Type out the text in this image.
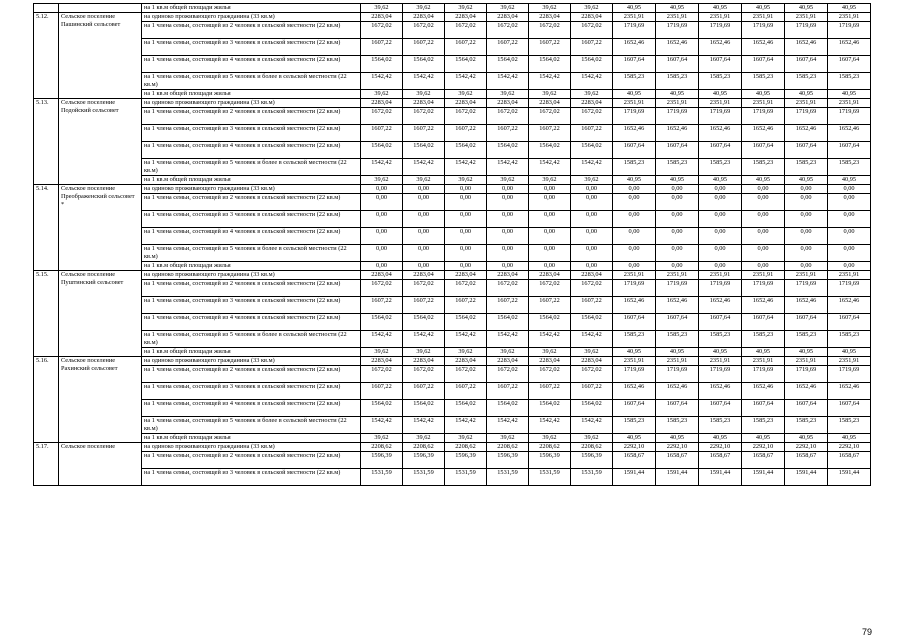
		на 1 кв.м общей площади жилья	39,62	39,62	39,62	39,62	39,62	39,62	40,95	40,95	40,95	40,95	40,95	40,95
5.12.	Сельское поселение Пашинский сельсовет	на одиноко проживающего гражданина (33 кв.м)	2283,04	2283,04	2283,04	2283,04	2283,04	2283,04	2351,91	2351,91	2351,91	2351,91	2351,91	2351,91
		на 1 члена семьи, состоящей из 2 человек в сельской местности (22 кв.м)	1672,02	1672,02	1672,02	1672,02	1672,02	1672,02	1719,69	1719,69	1719,69	1719,69	1719,69	1719,69
		на 1 члена семьи, состоящей из 3 человек в сельской местности (22 кв.м)	1607,22	1607,22	1607,22	1607,22	1607,22	1607,22	1652,46	1652,46	1652,46	1652,46	1652,46	1652,46
		на 1 члена семьи, состоящей из 4 человек в сельской местности (22 кв.м)	1564,02	1564,02	1564,02	1564,02	1564,02	1564,02	1607,64	1607,64	1607,64	1607,64	1607,64	1607,64
		на 1 члена семьи, состоящей из 5 человек и более в сельской местности (22 кв.м)	1542,42	1542,42	1542,42	1542,42	1542,42	1542,42	1585,23	1585,23	1585,23	1585,23	1585,23	1585,23
		на 1 кв.м общей площади жилья	39,62	39,62	39,62	39,62	39,62	39,62	40,95	40,95	40,95	40,95	40,95	40,95
5.13.	Сельское поселение Подойский сельсовет	на одиноко проживающего гражданина (33 кв.м)	2283,04	2283,04	2283,04	2283,04	2283,04	2283,04	2351,91	2351,91	2351,91	2351,91	2351,91	2351,91
		на 1 члена семьи, состоящей из 2 человек в сельской местности (22 кв.м)	1672,02	1672,02	1672,02	1672,02	1672,02	1672,02	1719,69	1719,69	1719,69	1719,69	1719,69	1719,69
		на 1 члена семьи, состоящей из 3 человек в сельской местности (22 кв.м)	1607,22	1607,22	1607,22	1607,22	1607,22	1607,22	1652,46	1652,46	1652,46	1652,46	1652,46	1652,46
		на 1 члена семьи, состоящей из 4 человек в сельской местности (22 кв.м)	1564,02	1564,02	1564,02	1564,02	1564,02	1564,02	1607,64	1607,64	1607,64	1607,64	1607,64	1607,64
		на 1 члена семьи, состоящей из 5 человек и более в сельской местности (22 кв.м)	1542,42	1542,42	1542,42	1542,42	1542,42	1542,42	1585,23	1585,23	1585,23	1585,23	1585,23	1585,23
		на 1 кв.м общей площади жилья	39,62	39,62	39,62	39,62	39,62	39,62	40,95	40,95	40,95	40,95	40,95	40,95
5.14.	Сельское поселение Преображенский сельсовет *	на одиноко проживающего гражданина (33 кв.м)	0,00	0,00	0,00	0,00	0,00	0,00	0,00	0,00	0,00	0,00	0,00	0,00
		на 1 члена семьи, состоящей из 2 человек в сельской местности (22 кв.м)	0,00	0,00	0,00	0,00	0,00	0,00	0,00	0,00	0,00	0,00	0,00	0,00
		на 1 члена семьи, состоящей из 3 человек в сельской местности (22 кв.м)	0,00	0,00	0,00	0,00	0,00	0,00	0,00	0,00	0,00	0,00	0,00	0,00
		на 1 члена семьи, состоящей из 4 человек в сельской местности (22 кв.м)	0,00	0,00	0,00	0,00	0,00	0,00	0,00	0,00	0,00	0,00	0,00	0,00
		на 1 члена семьи, состоящей из 5 человек и более в сельской местности (22 кв.м)	0,00	0,00	0,00	0,00	0,00	0,00	0,00	0,00	0,00	0,00	0,00	0,00
		на 1 кв.м общей площади жилья	0,00	0,00	0,00	0,00	0,00	0,00	0,00	0,00	0,00	0,00	0,00	0,00
5.15.	Сельское поселение Пуштинский сельсовет	на одиноко проживающего гражданина (33 кв.м)	2283,04	2283,04	2283,04	2283,04	2283,04	2283,04	2351,91	2351,91	2351,91	2351,91	2351,91	2351,91
		на 1 члена семьи, состоящей из 2 человек в сельской местности (22 кв.м)	1672,02	1672,02	1672,02	1672,02	1672,02	1672,02	1719,69	1719,69	1719,69	1719,69	1719,69	1719,69
		на 1 члена семьи, состоящей из 3 человек в сельской местности (22 кв.м)	1607,22	1607,22	1607,22	1607,22	1607,22	1607,22	1652,46	1652,46	1652,46	1652,46	1652,46	1652,46
		на 1 члена семьи, состоящей из 4 человек в сельской местности (22 кв.м)	1564,02	1564,02	1564,02	1564,02	1564,02	1564,02	1607,64	1607,64	1607,64	1607,64	1607,64	1607,64
		на 1 члена семьи, состоящей из 5 человек и более в сельской местности (22 кв.м)	1542,42	1542,42	1542,42	1542,42	1542,42	1542,42	1585,23	1585,23	1585,23	1585,23	1585,23	1585,23
		на 1 кв.м общей площади жилья	39,62	39,62	39,62	39,62	39,62	39,62	40,95	40,95	40,95	40,95	40,95	40,95
5.16.	Сельское поселение Рахинский сельсовет	на одиноко проживающего гражданина (33 кв.м)	2283,04	2283,04	2283,04	2283,04	2283,04	2283,04	2351,91	2351,91	2351,91	2351,91	2351,91	2351,91
		на 1 члена семьи, состоящей из 2 человек в сельской местности (22 кв.м)	1672,02	1672,02	1672,02	1672,02	1672,02	1672,02	1719,69	1719,69	1719,69	1719,69	1719,69	1719,69
		на 1 члена семьи, состоящей из 3 человек в сельской местности (22 кв.м)	1607,22	1607,22	1607,22	1607,22	1607,22	1607,22	1652,46	1652,46	1652,46	1652,46	1652,46	1652,46
		на 1 члена семьи, состоящей из 4 человек в сельской местности (22 кв.м)	1564,02	1564,02	1564,02	1564,02	1564,02	1564,02	1607,64	1607,64	1607,64	1607,64	1607,64	1607,64
		на 1 члена семьи, состоящей из 5 человек и более в сельской местности (22 кв.м)	1542,42	1542,42	1542,42	1542,42	1542,42	1542,42	1585,23	1585,23	1585,23	1585,23	1585,23	1585,23
		на 1 кв.м общей площади жилья	39,62	39,62	39,62	39,62	39,62	39,62	40,95	40,95	40,95	40,95	40,95	40,95
5.17.	Сельское поселение	на одиноко проживающего гражданина (33 кв.м)	2208,62	2208,62	2208,62	2208,62	2208,62	2208,62	2292,10	2292,10	2292,10	2292,10	2292,10	2292,10
		на 1 члена семьи, состоящей из 2 человек в сельской местности (22 кв.м)	1596,39	1596,39	1596,39	1596,39	1596,39	1596,39	1658,67	1658,67	1658,67	1658,67	1658,67	1658,67
		на 1 члена семьи, состоящей из 3 человек в сельской местности (22 кв.м)	1531,59	1531,59	1531,59	1531,59	1531,59	1531,59	1591,44	1591,44	1591,44	1591,44	1591,44	1591,44
79
